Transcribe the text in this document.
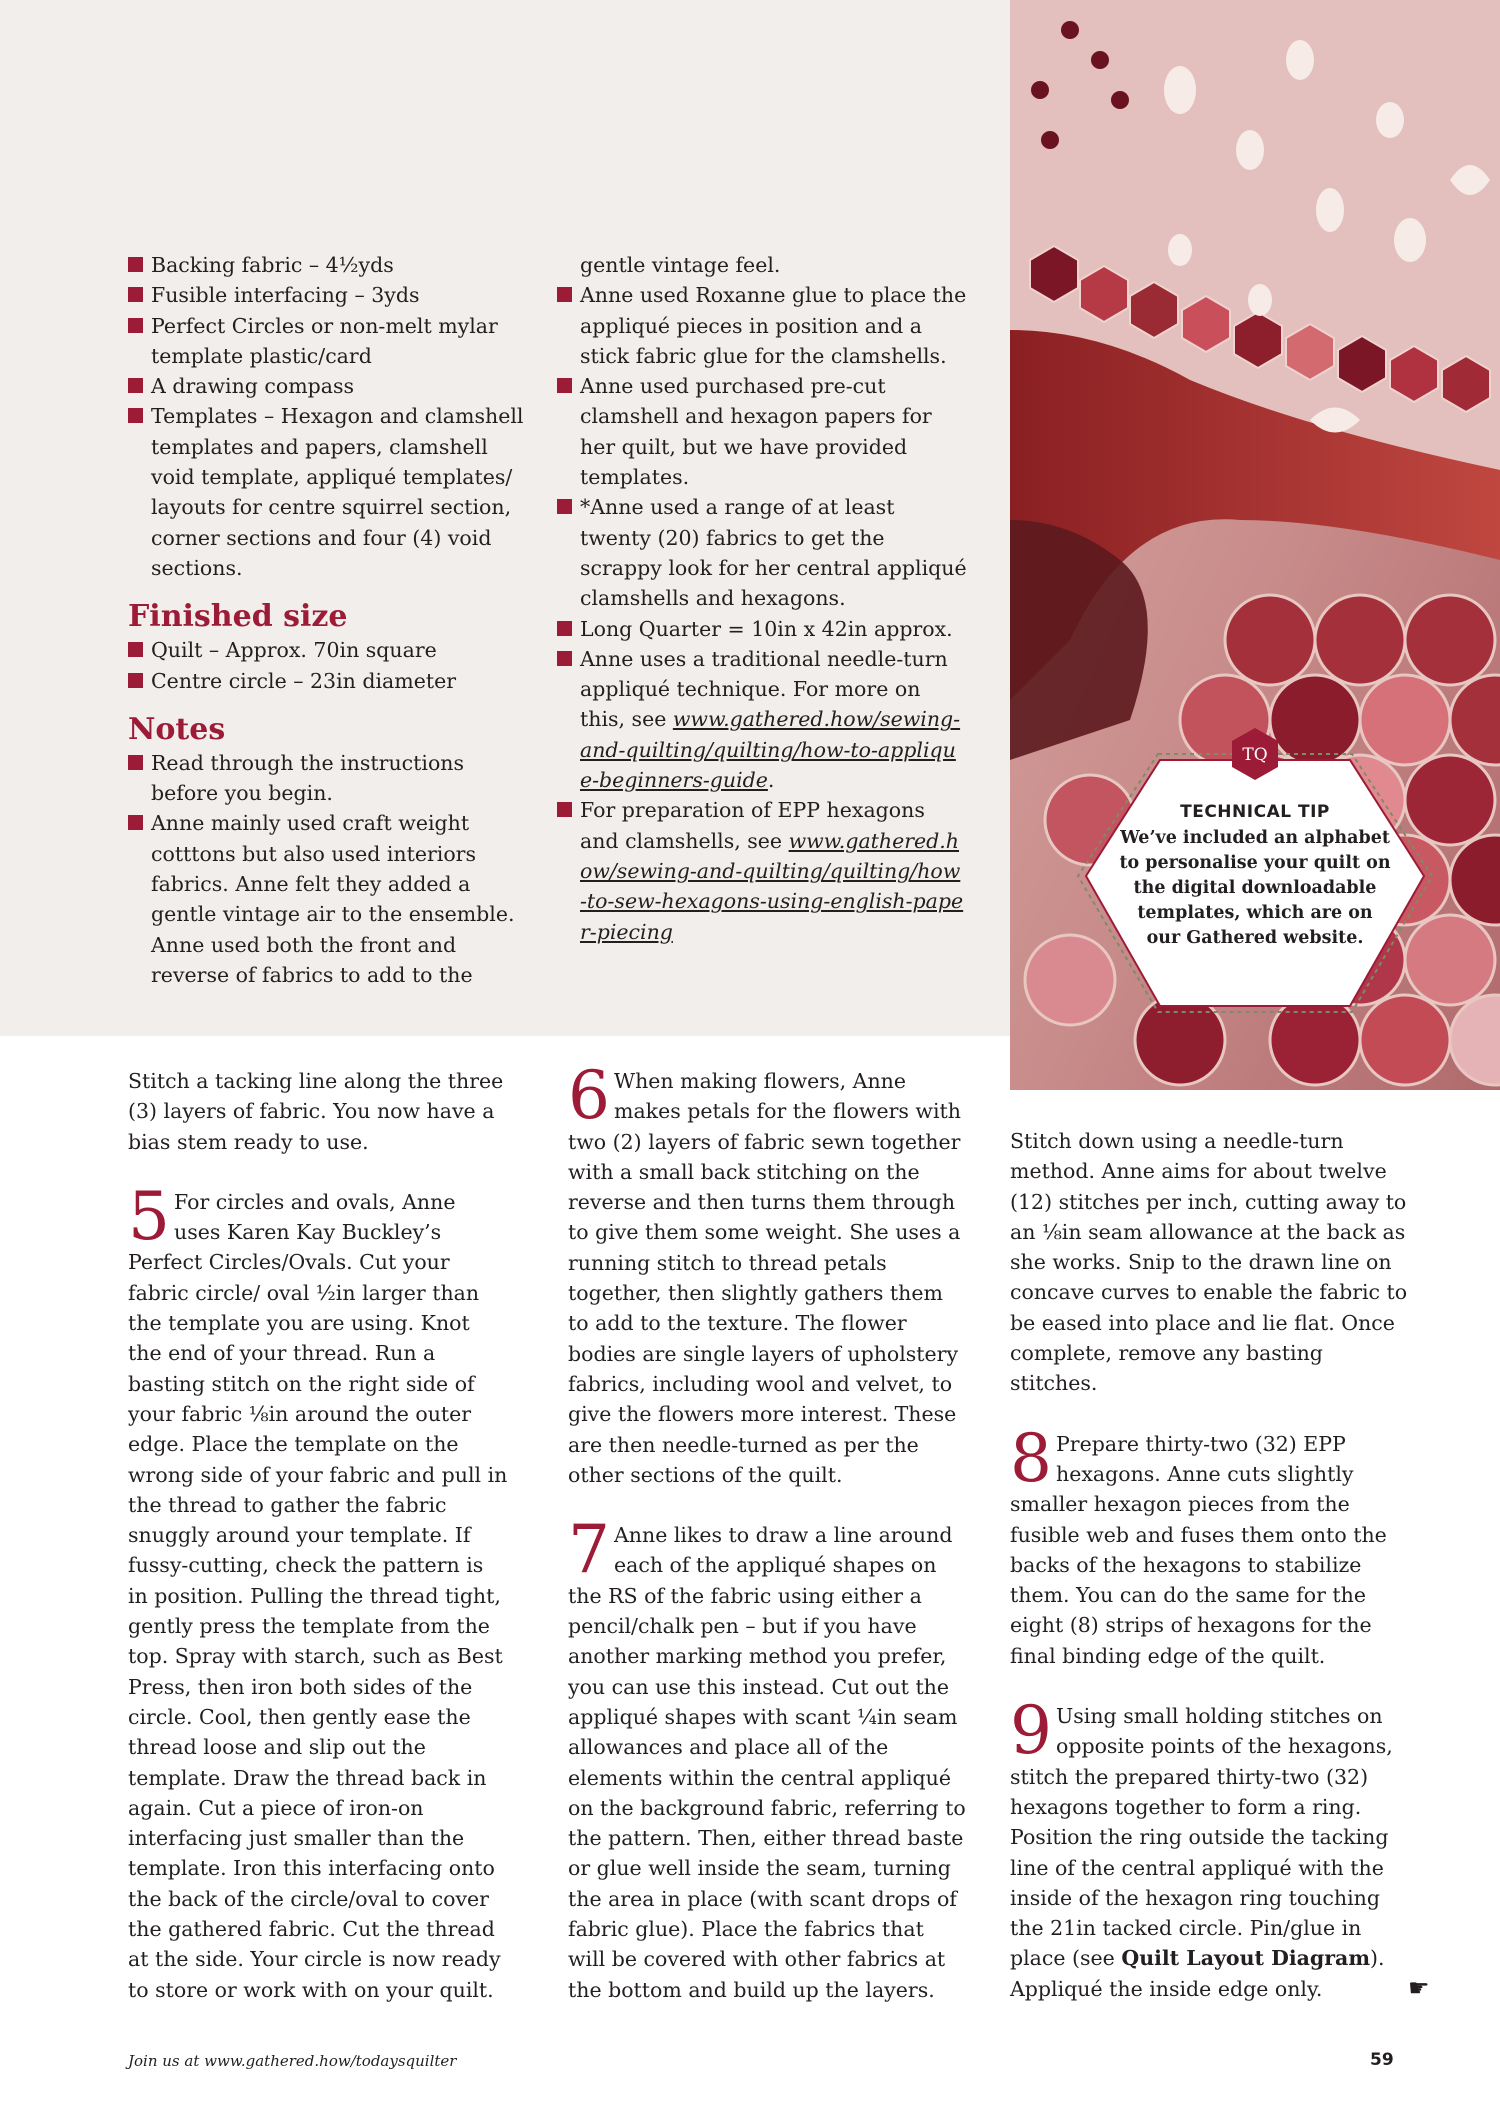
Backing fabric – 4½yds
Fusible interfacing – 3yds
Perfect Circles or non-melt mylar template plastic/card
A drawing compass
Templates – Hexagon and clamshell templates and papers, clamshell void template, appliqué templates/ layouts for centre squirrel section, corner sections and four (4) void sections.
Finished size
Quilt – Approx. 70in square
Centre circle – 23in diameter
Notes
Read through the instructions before you begin.
Anne mainly used craft weight cotttons but also used interiors fabrics. Anne felt they added a gentle vintage air to the ensemble. Anne used both the front and reverse of fabrics to add to the

gentle vintage feel.

Anne used Roxanne glue to place the appliqué pieces in position and a stick fabric glue for the clamshells.
Anne used purchased pre-cut clamshell and hexagon papers for her quilt, but we have provided templates.
*Anne used a range of at least twenty (20) fabrics to get the scrappy look for her central appliqué clamshells and hexagons.
Long Quarter = 10in x 42in approx.
Anne uses a traditional needle-turn appliqué technique. For more on this, see www.gathered.how/sewing-and-quilting/quilting/how-to-applique-beginners-guide.
For preparation of EPP hexagons and clamshells, see www.gathered.how/sewing-and-quilting/quilting/how-to-sew-hexagons-using-english-paper-piecing
TQ
TECHNICAL TIP
We’ve included an alphabet to personalise your quilt on the digital downloadable templates, which are on our Gathered website.

Stitch a tacking line along the three (3) layers of fabric. You now have a bias stem ready to use.

5 For circles and ovals, Anne uses Karen Kay Buckley’s Perfect Circles/Ovals. Cut your fabric circle/ oval ½in larger than the template you are using. Knot the end of your thread. Run a basting stitch on the right side of your fabric ⅛in around the outer edge. Place the template on the wrong side of your fabric and pull in the thread to gather the fabric snuggly around your template. If fussy-cutting, check the pattern is in position. Pulling the thread tight, gently press the template from the top. Spray with starch, such as Best Press, then iron both sides of the circle. Cool, then gently ease the thread loose and slip out the template. Draw the thread back in again. Cut a piece of iron-on interfacing just smaller than the template. Iron this interfacing onto the back of the circle/oval to cover the gathered fabric. Cut the thread at the side. Your circle is now ready to store or work with on your quilt.

6 When making flowers, Anne makes petals for the flowers with two (2) layers of fabric sewn together with a small back stitching on the reverse and then turns them through to give them some weight. She uses a running stitch to thread petals together, then slightly gathers them to add to the texture. The flower bodies are single layers of upholstery fabrics, including wool and velvet, to give the flowers more interest. These are then needle-turned as per the other sections of the quilt.

7 Anne likes to draw a line around each of the appliqué shapes on the RS of the fabric using either a pencil/chalk pen – but if you have another marking method you prefer, you can use this instead. Cut out the appliqué shapes with scant ¼in seam allowances and place all of the elements within the central appliqué on the background fabric, referring to the pattern. Then, either thread baste or glue well inside the seam, turning the area in place (with scant drops of fabric glue). Place the fabrics that will be covered with other fabrics at the bottom and build up the layers.

Stitch down using a needle-turn method. Anne aims for about twelve (12) stitches per inch, cutting away to an ⅛in seam allowance at the back as she works. Snip to the drawn line on concave curves to enable the fabric to be eased into place and lie flat. Once complete, remove any basting stitches.

8 Prepare thirty-two (32) EPP hexagons. Anne cuts slightly smaller hexagon pieces from the fusible web and fuses them onto the backs of the hexagons to stabilize them. You can do the same for the eight (8) strips of hexagons for the final binding edge of the quilt.

9 Using small holding stitches on opposite points of the hexagons, stitch the prepared thirty-two (32) hexagons together to form a ring. Position the ring outside the tacking line of the central appliqué with the inside of the hexagon ring touching the 21in tacked circle. Pin/glue in place (see Quilt Layout Diagram). Appliqué the inside edge only.	☛
Join us at www.gathered.how/todaysquilter	59
